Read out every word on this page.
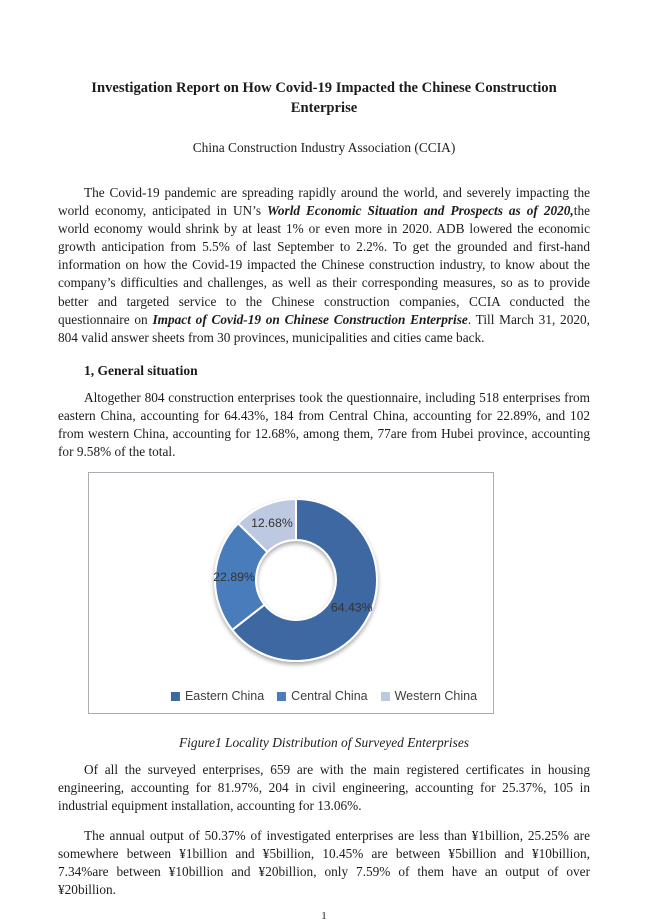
Investigation Report on How Covid-19 Impacted the Chinese Construction Enterprise
China Construction Industry Association (CCIA)

The Covid-19 pandemic are spreading rapidly around the world, and severely impacting the world economy, anticipated in UN’s World Economic Situation and Prospects as of 2020,the world economy would shrink by at least 1% or even more in 2020. ADB lowered the economic growth anticipation from 5.5% of last September to 2.2%. To get the grounded and first-hand information on how the Covid-19 impacted the Chinese construction industry, to know about the company’s difficulties and challenges, as well as their corresponding measures, so as to provide better and targeted service to the Chinese construction companies, CCIA conducted the questionnaire on Impact of Covid-19 on Chinese Construction Enterprise. Till March 31, 2020, 804 valid answer sheets from 30 provinces, municipalities and cities came back.

1, General situation

Altogether 804 construction enterprises took the questionnaire, including 518 enterprises from eastern China, accounting for 64.43%, 184 from Central China, accounting for 22.89%, and 102 from western China, accounting for 12.68%, among them, 77are from Hubei province, accounting for 9.58% of the total.

64.43%
22.89%
12.68%
Eastern China Central China Western China
Figure1 Locality Distribution of Surveyed Enterprises

Of all the surveyed enterprises, 659 are with the main registered certificates in housing engineering, accounting for 81.97%, 204 in civil engineering, accounting for 25.37%, 105 in industrial equipment installation, accounting for 13.06%.

The annual output of 50.37% of investigated enterprises are less than ¥1billion, 25.25% are somewhere between ¥1billion and ¥5billion, 10.45% are between ¥5billion and ¥10billion, 7.34%are between ¥10billion and ¥20billion, only 7.59% of them have an output of over ¥20billion.

1
